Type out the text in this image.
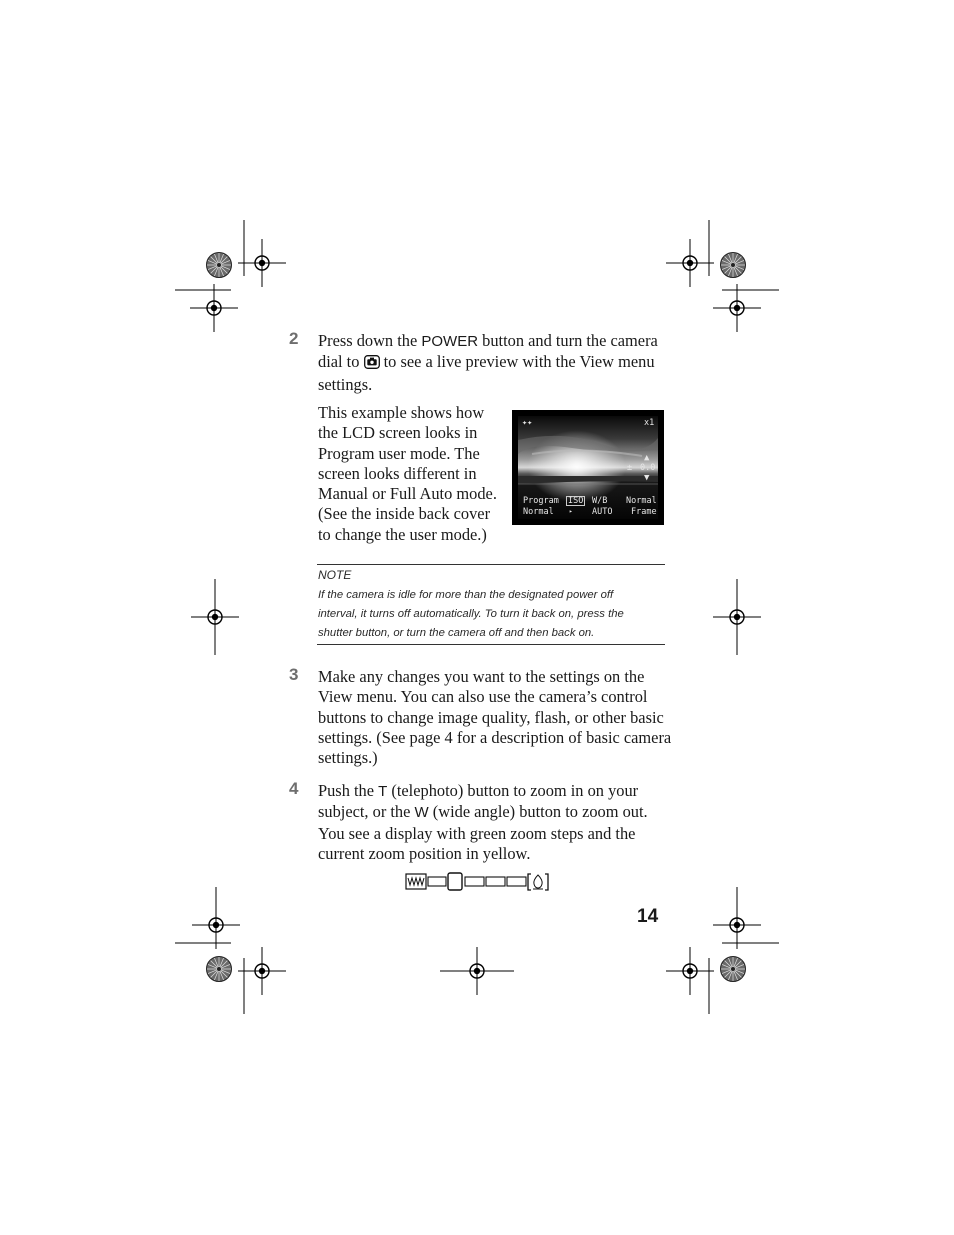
2 Press down the POWER button and turn the camera
dial to  to see a live preview with the View menu
settings.
This example shows how
the LCD screen looks in
Program user mode. The
screen looks different in
Manual or Full Auto mode.
(See the inside back cover
to change the user mode.)
✦✦	x1
▲
± 0.0
▼
Program ISO W/B Normal
Normal	▸ AUTO Frame
NOTE
If the camera is idle for more than the designated power off
interval, it turns off automatically. To turn it back on, press the
shutter button, or turn the camera off and then back on.
3 Make any changes you want to the settings on the
View menu. You can also use the camera’s control
buttons to change image quality, flash, or other basic
settings. (See page 4 for a description of basic camera
settings.)
4 Push the T (telephoto) button to zoom in on your
subject, or the W (wide angle) button to zoom out.
You see a display with green zoom steps and the
current zoom position in yellow.
14
